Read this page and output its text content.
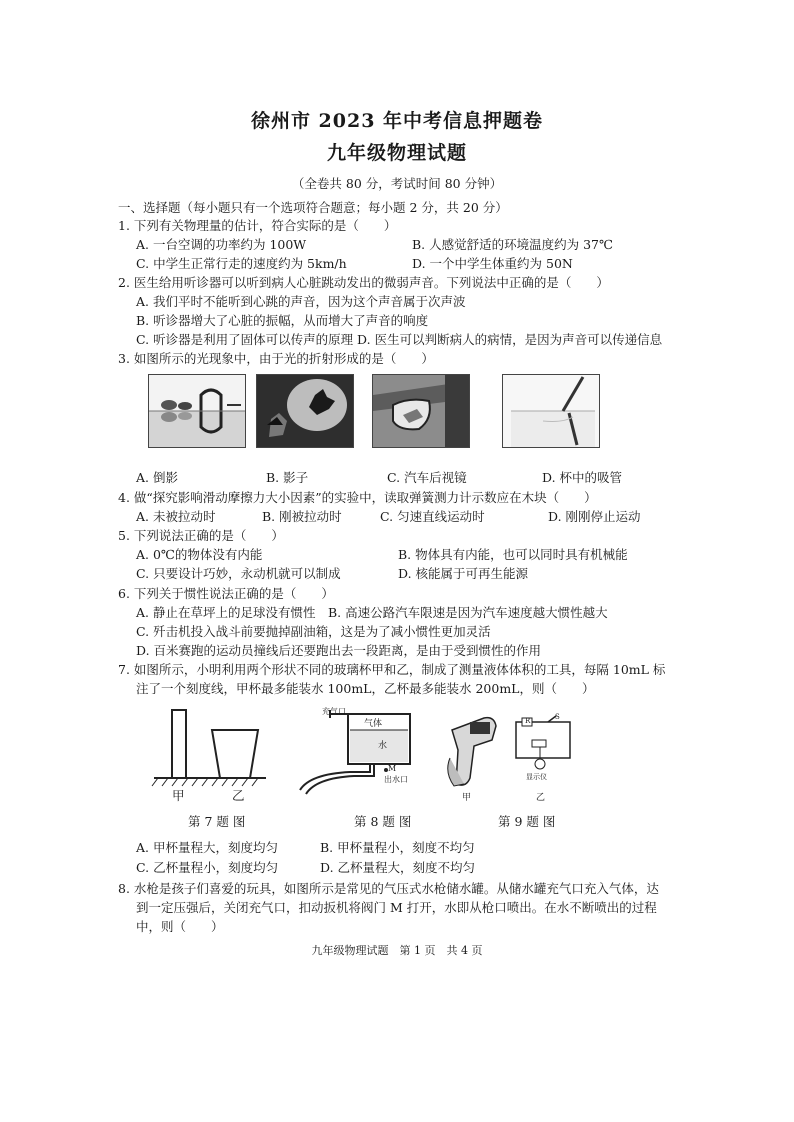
徐州市 2023 年中考信息押题卷
九年级物理试题
（全卷共 80 分，考试时间 80 分钟）
一、选择题（每小题只有一个选项符合题意；每小题 2 分，共 20 分）
1. 下列有关物理量的估计，符合实际的是（　　）
A. 一台空调的功率约为 100W	B. 人感觉舒适的环境温度约为 37℃
C. 中学生正常行走的速度约为 5km/h	D. 一个中学生体重约为 50N
2. 医生给用听诊器可以听到病人心脏跳动发出的微弱声音。下列说法中正确的是（　　）
A. 我们平时不能听到心跳的声音，因为这个声音属于次声波
B. 听诊器增大了心脏的振幅，从而增大了声音的响度
C. 听诊器是利用了固体可以传声的原理 D. 医生可以判断病人的病情，是因为声音可以传递信息
3. 如图所示的光现象中，由于光的折射形成的是（　　）
A. 倒影	B. 影子	C. 汽车后视镜	D. 杯中的吸管
4. 做“探究影响滑动摩擦力大小因素”的实验中，读取弹簧测力计示数应在木块（　　）
A. 未被拉动时	B. 刚被拉动时	C. 匀速直线运动时	D. 刚刚停止运动
5. 下列说法正确的是（　　）
A. 0℃的物体没有内能	B. 物体具有内能，也可以同时具有机械能
C. 只要设计巧妙，永动机就可以制成	D. 核能属于可再生能源
6. 下列关于惯性说法正确的是（　　）
A. 静止在草坪上的足球没有惯性　B. 高速公路汽车限速是因为汽车速度越大惯性越大
C. 歼击机投入战斗前要抛掉副油箱，这是为了减小惯性更加灵活
D. 百米赛跑的运动员撞线后还要跑出去一段距离，是由于受到惯性的作用
7. 如图所示，小明利用两个形状不同的玻璃杯甲和乙，制成了测量液体体积的工具，每隔 10mL 标
注了一个刻度线，甲杯最多能装水 100mL，乙杯最多能装水 200mL，则（　　）
甲	乙
充气口
气体
水
M
出水口
R	S
显示仪
甲	乙
第 7 题 图	第 8 题 图	第 9 题 图
A. 甲杯量程大，刻度均匀	B. 甲杯量程小，刻度不均匀
C. 乙杯量程小，刻度均匀	D. 乙杯量程大，刻度不均匀
8. 水枪是孩子们喜爱的玩具，如图所示是常见的气压式水枪储水罐。从储水罐充气口充入气体，达
到一定压强后，关闭充气口，扣动扳机将阀门 M 打开，水即从枪口喷出。在水不断喷出的过程
中，则（　　）
九年级物理试题　第 1 页　共 4 页
